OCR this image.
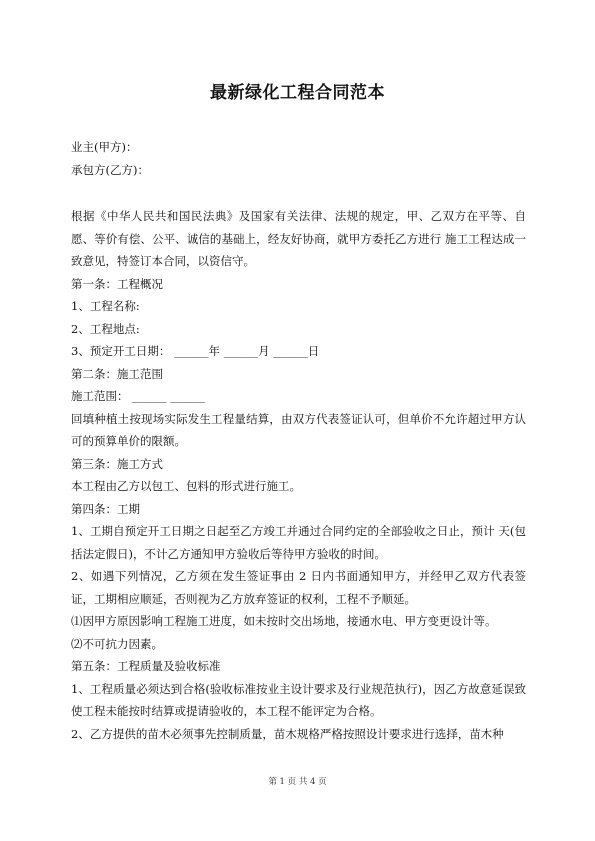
最新绿化工程合同范本
业主(甲方)：
承包方(乙方)：
根据《中华人民共和国民法典》及国家有关法律、法规的规定，甲、乙双方在平等、自愿、等价有偿、公平、诚信的基础上，经友好协商，就甲方委托乙方进行 施工工程达成一致意见，特签订本合同，以资信守。
第一条：工程概况
1、工程名称:
2、工程地点:
3、预定开工日期： ______年 ______月 ______日
第二条：施工范围
施工范围： ______ ______
回填种植土按现场实际发生工程量结算，由双方代表签证认可，但单价不允许超过甲方认可的预算单价的限额。
第三条：施工方式
本工程由乙方以包工、包料的形式进行施工。
第四条：工期
1、工期自预定开工日期之日起至乙方竣工并通过合同约定的全部验收之日止，预计 天(包括法定假日)，不计乙方通知甲方验收后等待甲方验收的时间。
2、如遇下列情况，乙方须在发生签证事由 2 日内书面通知甲方，并经甲乙双方代表签证，工期相应顺延，否则视为乙方放弃签证的权利，工程不予顺延。
⑴因甲方原因影响工程施工进度，如未按时交出场地，接通水电、甲方变更设计等。
⑵不可抗力因素。
第五条：工程质量及验收标准
1、工程质量必须达到合格(验收标准按业主设计要求及行业规范执行)，因乙方故意延误致使工程未能按时结算或提请验收的，本工程不能评定为合格。
2、乙方提供的苗木必须事先控制质量，苗木规格严格按照设计要求进行选择，苗木种
第 1 页 共 4 页
